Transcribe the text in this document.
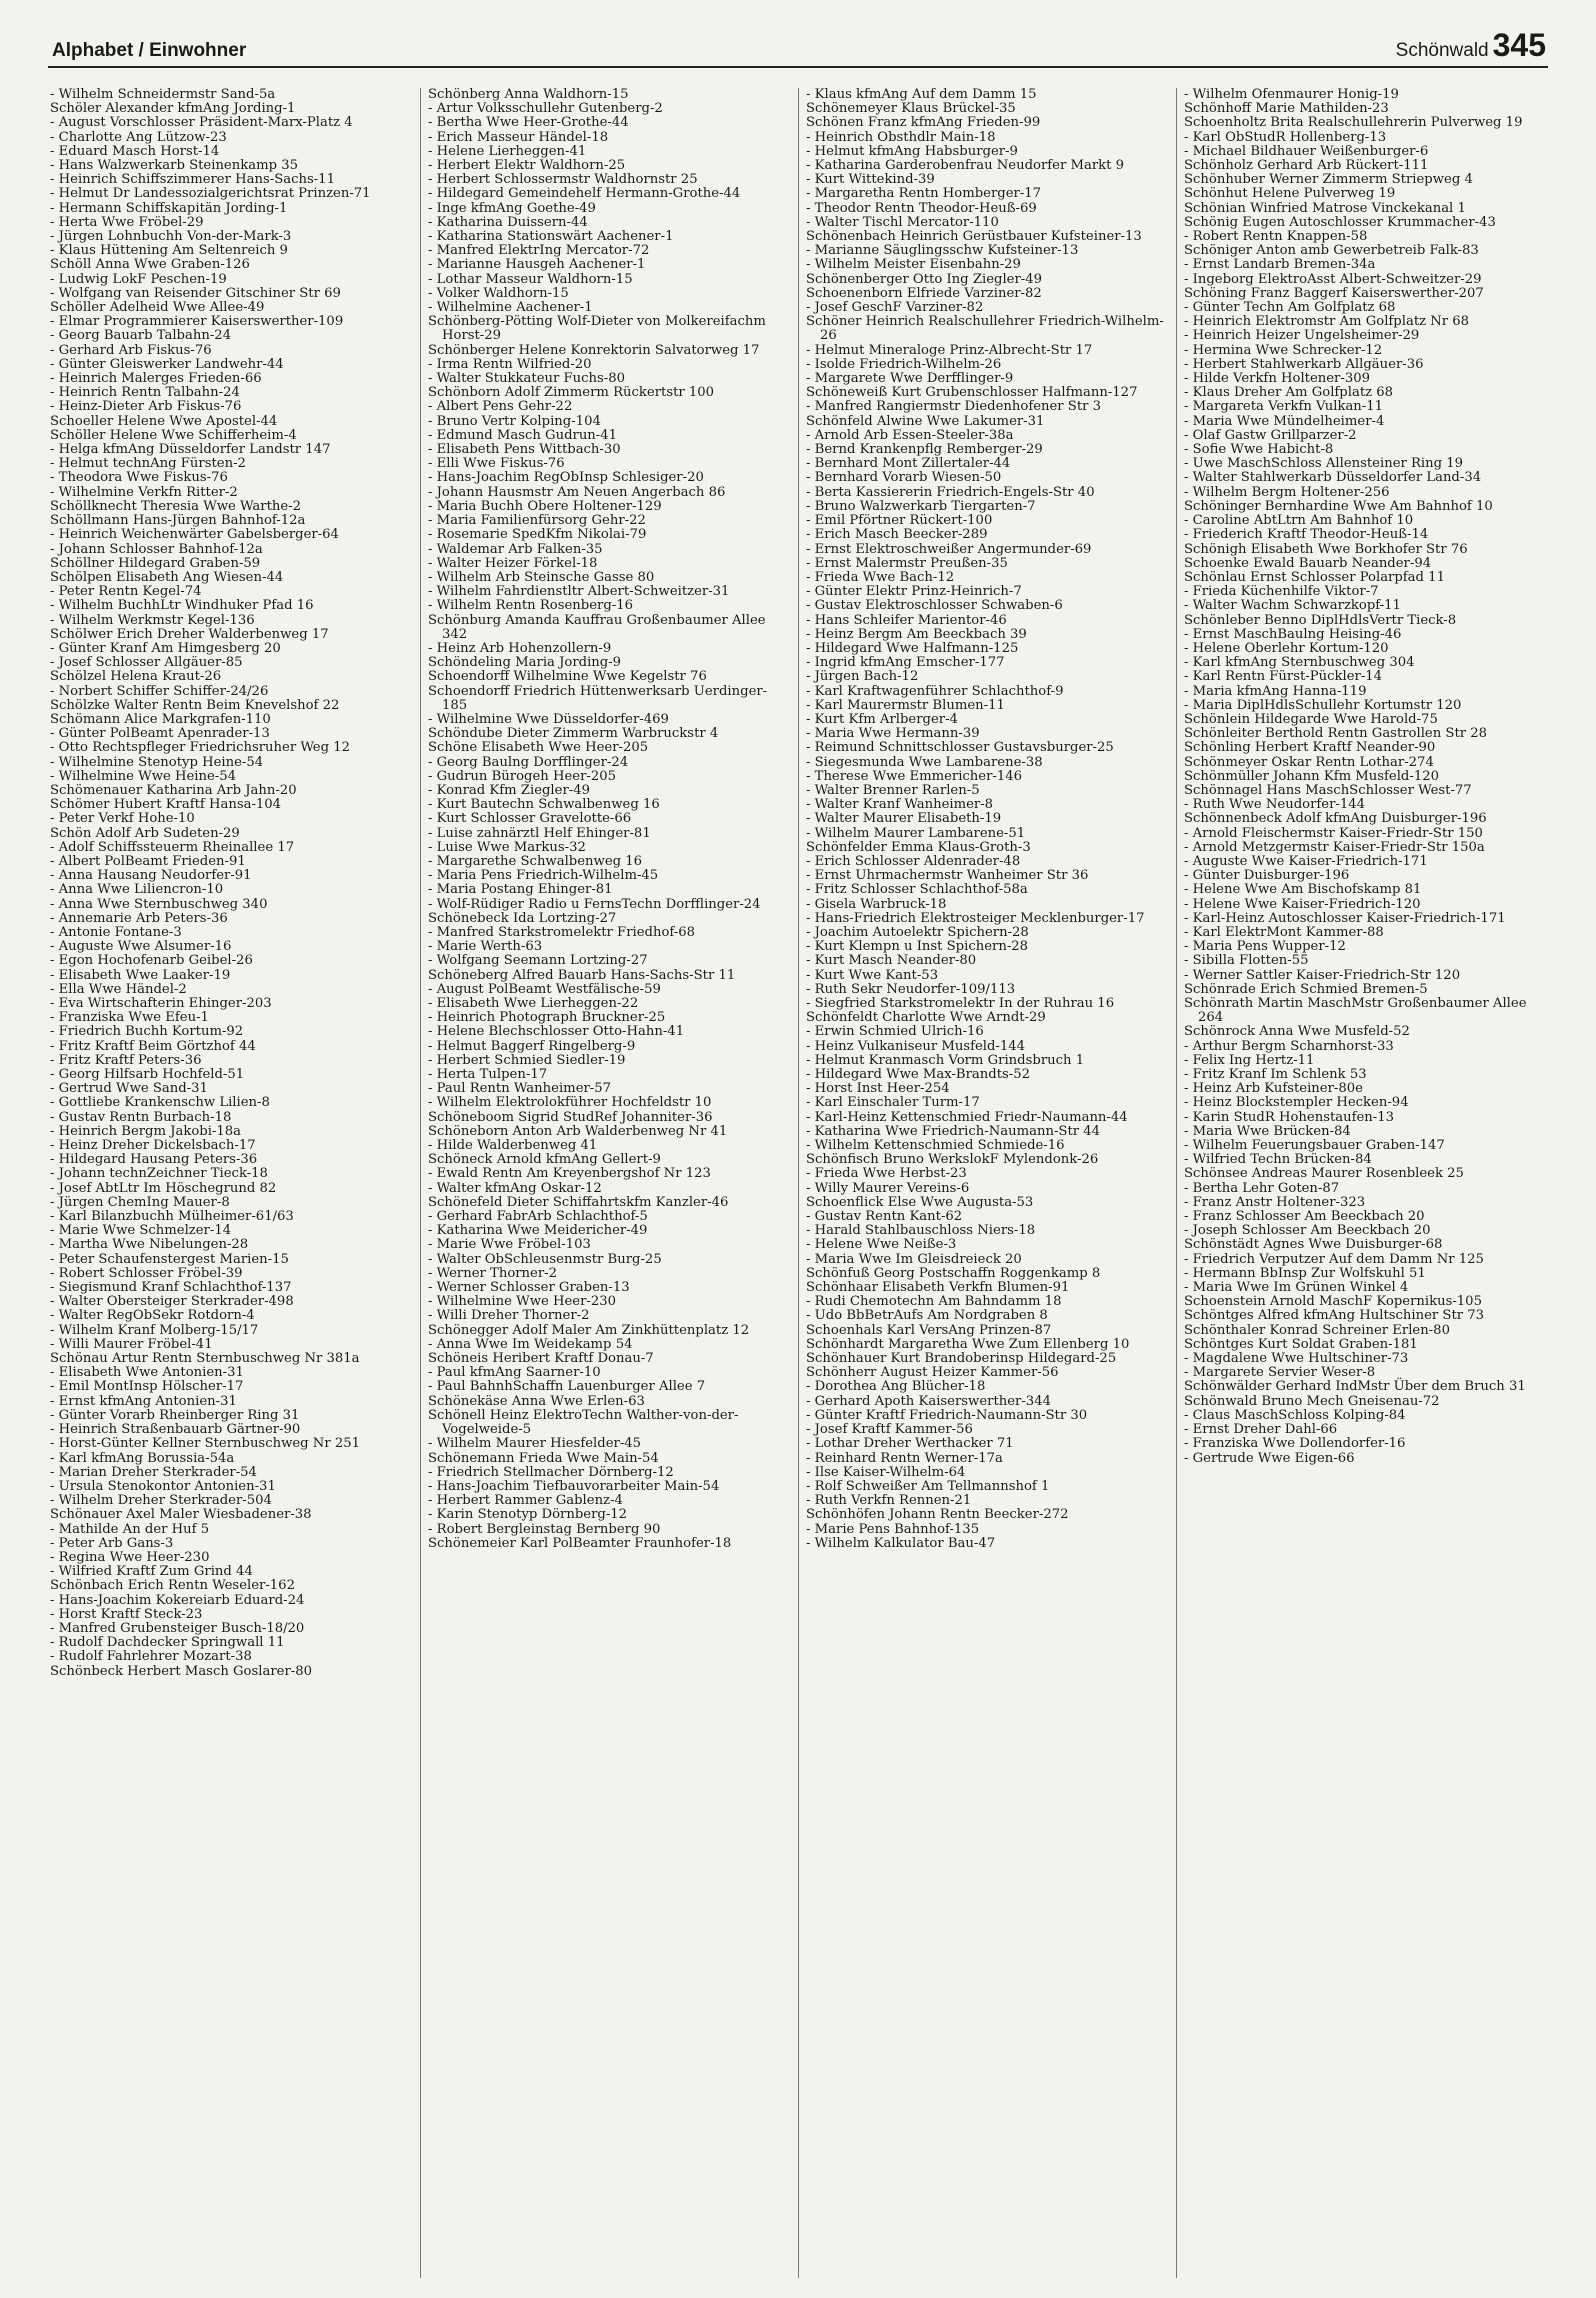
Alphabet / Einwohner	Schönwald 345

- Wilhelm Schneidermstr Sand-5a

Schöler Alexander kfmAng Jording-1

- August Vorschlosser Präsident-Marx-Platz 4

- Charlotte Ang Lützow-23

- Eduard Masch Horst-14

- Hans Walzwerkarb Steinenkamp 35

- Heinrich Schiffszimmerer Hans-Sachs-11

- Helmut Dr Landessozialgerichtsrat Prinzen-71

- Hermann Schiffskapitän Jording-1

- Herta Wwe Fröbel-29

- Jürgen Lohnbuchh Von-der-Mark-3

- Klaus Hüttening Am Seltenreich 9

Schöll Anna Wwe Graben-126

- Ludwig LokF Peschen-19

- Wolfgang van Reisender Gitschiner Str 69

Schöller Adelheid Wwe Allee-49

- Elmar Programmierer Kaiserswerther-109

- Georg Bauarb Talbahn-24

- Gerhard Arb Fiskus-76

- Günter Gleiswerker Landwehr-44

- Heinrich Malerges Frieden-66

- Heinrich Rentn Talbahn-24

- Heinz-Dieter Arb Fiskus-76

Schoeller Helene Wwe Apostel-44

Schöller Helene Wwe Schifferheim-4

- Helga kfmAng Düsseldorfer Landstr 147

- Helmut technAng Fürsten-2

- Theodora Wwe Fiskus-76

- Wilhelmine Verkfn Ritter-2

Schöllknecht Theresia Wwe Warthe-2

Schöllmann Hans-Jürgen Bahnhof-12a

- Heinrich Weichenwärter Gabelsberger-64

- Johann Schlosser Bahnhof-12a

Schöllner Hildegard Graben-59

Schölpen Elisabeth Ang Wiesen-44

- Peter Rentn Kegel-74

- Wilhelm BuchhLtr Windhuker Pfad 16

- Wilhelm Werkmstr Kegel-136

Schölwer Erich Dreher Walderbenweg 17

- Günter Kranf Am Himgesberg 20

- Josef Schlosser Allgäuer-85

Schölzel Helena Kraut-26

- Norbert Schiffer Schiffer-24/26

Schölzke Walter Rentn Beim Knevelshof 22

Schömann Alice Markgrafen-110

- Günter PolBeamt Apenrader-13

- Otto Rechtspfleger Friedrichsruher Weg 12

- Wilhelmine Stenotyp Heine-54

- Wilhelmine Wwe Heine-54

Schömenauer Katharina Arb Jahn-20

Schömer Hubert Kraftf Hansa-104

- Peter Verkf Hohe-10

Schön Adolf Arb Sudeten-29

- Adolf Schiffssteuerm Rheinallee 17

- Albert PolBeamt Frieden-91

- Anna Hausang Neudorfer-91

- Anna Wwe Liliencron-10

- Anna Wwe Sternbuschweg 340

- Annemarie Arb Peters-36

- Antonie Fontane-3

- Auguste Wwe Alsumer-16

- Egon Hochofenarb Geibel-26

- Elisabeth Wwe Laaker-19

- Ella Wwe Händel-2

- Eva Wirtschafterin Ehinger-203

- Franziska Wwe Efeu-1

- Friedrich Buchh Kortum-92

- Fritz Kraftf Beim Görtzhof 44

- Fritz Kraftf Peters-36

- Georg Hilfsarb Hochfeld-51

- Gertrud Wwe Sand-31

- Gottliebe Krankenschw Lilien-8

- Gustav Rentn Burbach-18

- Heinrich Bergm Jakobi-18a

- Heinz Dreher Dickelsbach-17

- Hildegard Hausang Peters-36

- Johann technZeichner Tieck-18

- Josef AbtLtr Im Höschegrund 82

- Jürgen ChemIng Mauer-8

- Karl Bilanzbuchh Mülheimer-61/63

- Marie Wwe Schmelzer-14

- Martha Wwe Nibelungen-28

- Peter Schaufenstergest Marien-15

- Robert Schlosser Fröbel-39

- Siegismund Kranf Schlachthof-137

- Walter Obersteiger Sterkrader-498

- Walter RegObSekr Rotdorn-4

- Wilhelm Kranf Molberg-15/17

- Willi Maurer Fröbel-41

Schönau Artur Rentn Sternbuschweg Nr 381a

- Elisabeth Wwe Antonien-31

- Emil MontInsp Hölscher-17

- Ernst kfmAng Antonien-31

- Günter Vorarb Rheinberger Ring 31

- Heinrich Straßenbauarb Gärtner-90

- Horst-Günter Kellner Sternbuschweg Nr 251

- Karl kfmAng Borussia-54a

- Marian Dreher Sterkrader-54

- Ursula Stenokontor Antonien-31

- Wilhelm Dreher Sterkrader-504

Schönauer Axel Maler Wiesbadener-38

- Mathilde An der Huf 5

- Peter Arb Gans-3

- Regina Wwe Heer-230

- Wilfried Kraftf Zum Grind 44

Schönbach Erich Rentn Weseler-162

- Hans-Joachim Kokereiarb Eduard-24

- Horst Kraftf Steck-23

- Manfred Grubensteiger Busch-18/20

- Rudolf Dachdecker Springwall 11

- Rudolf Fahrlehrer Mozart-38

Schönbeck Herbert Masch Goslarer-80

Schönberg Anna Waldhorn-15

- Artur Volksschullehr Gutenberg-2

- Bertha Wwe Heer-Grothe-44

- Erich Masseur Händel-18

- Helene Lierheggen-41

- Herbert Elektr Waldhorn-25

- Herbert Schlossermstr Waldhornstr 25

- Hildegard Gemeindehelf Hermann-Grothe-44

- Inge kfmAng Goethe-49

- Katharina Duissern-44

- Katharina Stationswärt Aachener-1

- Manfred ElektrIng Mercator-72

- Marianne Hausgeh Aachener-1

- Lothar Masseur Waldhorn-15

- Volker Waldhorn-15

- Wilhelmine Aachener-1

Schönberg-Pötting Wolf-Dieter von Molkereifachm Horst-29

Schönberger Helene Konrektorin Salvatorweg 17

- Irma Rentn Wilfried-20

- Walter Stukkateur Fuchs-80

Schönborn Adolf Zimmerm Rückertstr 100

- Albert Pens Gehr-22

- Bruno Vertr Kolping-104

- Edmund Masch Gudrun-41

- Elisabeth Pens Wittbach-30

- Elli Wwe Fiskus-76

- Hans-Joachim RegObInsp Schlesiger-20

- Johann Hausmstr Am Neuen Angerbach 86

- Maria Buchh Obere Holtener-129

- Maria Familienfürsorg Gehr-22

- Rosemarie SpedKfm Nikolai-79

- Waldemar Arb Falken-35

- Walter Heizer Förkel-18

- Wilhelm Arb Steinsche Gasse 80

- Wilhelm Fahrdienstltr Albert-Schweitzer-31

- Wilhelm Rentn Rosenberg-16

Schönburg Amanda Kauffrau Großenbaumer Allee 342

- Heinz Arb Hohenzollern-9

Schöndeling Maria Jording-9

Schoendorff Wilhelmine Wwe Kegelstr 76

Schoendorff Friedrich Hüttenwerksarb Uerdinger-185

- Wilhelmine Wwe Düsseldorfer-469

Schöndube Dieter Zimmerm Warbruckstr 4

Schöne Elisabeth Wwe Heer-205

- Georg Baulng Dorfflinger-24

- Gudrun Bürogeh Heer-205

- Konrad Kfm Ziegler-49

- Kurt Bautechn Schwalbenweg 16

- Kurt Schlosser Gravelotte-66

- Luise zahnärztl Helf Ehinger-81

- Luise Wwe Markus-32

- Margarethe Schwalbenweg 16

- Maria Pens Friedrich-Wilhelm-45

- Maria Postang Ehinger-81

- Wolf-Rüdiger Radio u FernsTechn Dorfflinger-24

Schönebeck Ida Lortzing-27

- Manfred Starkstromelektr Friedhof-68

- Marie Werth-63

- Wolfgang Seemann Lortzing-27

Schöneberg Alfred Bauarb Hans-Sachs-Str 11

- August PolBeamt Westfälische-59

- Elisabeth Wwe Lierheggen-22

- Heinrich Photograph Bruckner-25

- Helene Blechschlosser Otto-Hahn-41

- Helmut Baggerf Ringelberg-9

- Herbert Schmied Siedler-19

- Herta Tulpen-17

- Paul Rentn Wanheimer-57

- Wilhelm Elektrolokführer Hochfeldstr 10

Schöneboom Sigrid StudRef Johanniter-36

Schöneborn Anton Arb Walderbenweg Nr 41

- Hilde Walderbenweg 41

Schöneck Arnold kfmAng Gellert-9

- Ewald Rentn Am Kreyenbergshof Nr 123

- Walter kfmAng Oskar-12

Schönefeld Dieter Schiffahrtskfm Kanzler-46

- Gerhard FabrArb Schlachthof-5

- Katharina Wwe Meidericher-49

- Marie Wwe Fröbel-103

- Walter ObSchleusenmstr Burg-25

- Werner Thorner-2

- Werner Schlosser Graben-13

- Wilhelmine Wwe Heer-230

- Willi Dreher Thorner-2

Schönegger Adolf Maler Am Zinkhüttenplatz 12

- Anna Wwe Im Weidekamp 54

Schöneis Heribert Kraftf Donau-7

- Paul kfmAng Saarner-10

- Paul BahnhSchaffn Lauenburger Allee 7

Schönekäse Anna Wwe Erlen-63

Schönell Heinz ElektroTechn Walther-von-der-Vogelweide-5

- Wilhelm Maurer Hiesfelder-45

Schönemann Frieda Wwe Main-54

- Friedrich Stellmacher Dörnberg-12

- Hans-Joachim Tiefbauvorarbeiter Main-54

- Herbert Rammer Gablenz-4

- Karin Stenotyp Dörnberg-12

- Robert Bergleinstag Bernberg 90

Schönemeier Karl PolBeamter Fraunhofer-18

- Klaus kfmAng Auf dem Damm 15

Schönemeyer Klaus Brückel-35

Schönen Franz kfmAng Frieden-99

- Heinrich Obsthdlr Main-18

- Helmut kfmAng Habsburger-9

- Katharina Garderobenfrau Neudorfer Markt 9

- Kurt Wittekind-39

- Margaretha Rentn Homberger-17

- Theodor Rentn Theodor-Heuß-69

- Walter Tischl Mercator-110

Schönenbach Heinrich Gerüstbauer Kufsteiner-13

- Marianne Säuglingsschw Kufsteiner-13

- Wilhelm Meister Eisenbahn-29

Schönenberger Otto Ing Ziegler-49

Schoenenborn Elfriede Varziner-82

- Josef GeschF Varziner-82

Schöner Heinrich Realschullehrer Friedrich-Wilhelm-26

- Helmut Mineraloge Prinz-Albrecht-Str 17

- Isolde Friedrich-Wilhelm-26

- Margarete Wwe Derfflinger-9

Schöneweiß Kurt Grubenschlosser Halfmann-127

- Manfred Rangiermstr Diedenhofener Str 3

Schönfeld Alwine Wwe Lakumer-31

- Arnold Arb Essen-Steeler-38a

- Bernd Krankenpflg Remberger-29

- Bernhard Mont Zillertaler-44

- Bernhard Vorarb Wiesen-50

- Berta Kassiererin Friedrich-Engels-Str 40

- Bruno Walzwerkarb Tiergarten-7

- Emil Pförtner Rückert-100

- Erich Masch Beecker-289

- Ernst Elektroschweißer Angermunder-69

- Ernst Malermstr Preußen-35

- Frieda Wwe Bach-12

- Günter Elektr Prinz-Heinrich-7

- Gustav Elektroschlosser Schwaben-6

- Hans Schleifer Marientor-46

- Heinz Bergm Am Beeckbach 39

- Hildegard Wwe Halfmann-125

- Ingrid kfmAng Emscher-177

- Jürgen Bach-12

- Karl Kraftwagenführer Schlachthof-9

- Karl Maurermstr Blumen-11

- Kurt Kfm Arlberger-4

- Maria Wwe Hermann-39

- Reimund Schnittschlosser Gustavsburger-25

- Siegesmunda Wwe Lambarene-38

- Therese Wwe Emmericher-146

- Walter Brenner Rarlen-5

- Walter Kranf Wanheimer-8

- Walter Maurer Elisabeth-19

- Wilhelm Maurer Lambarene-51

Schönfelder Emma Klaus-Groth-3

- Erich Schlosser Aldenrader-48

- Ernst Uhrmachermstr Wanheimer Str 36

- Fritz Schlosser Schlachthof-58a

- Gisela Warbruck-18

- Hans-Friedrich Elektrosteiger Mecklenburger-17

- Joachim Autoelektr Spichern-28

- Kurt Klempn u Inst Spichern-28

- Kurt Masch Neander-80

- Kurt Wwe Kant-53

- Ruth Sekr Neudorfer-109/113

- Siegfried Starkstromelektr In der Ruhrau 16

Schönfeldt Charlotte Wwe Arndt-29

- Erwin Schmied Ulrich-16

- Heinz Vulkaniseur Musfeld-144

- Helmut Kranmasch Vorm Grindsbruch 1

- Hildegard Wwe Max-Brandts-52

- Horst Inst Heer-254

- Karl Einschaler Turm-17

- Karl-Heinz Kettenschmied Friedr-Naumann-44

- Katharina Wwe Friedrich-Naumann-Str 44

- Wilhelm Kettenschmied Schmiede-16

Schönfisch Bruno WerkslokF Mylendonk-26

- Frieda Wwe Herbst-23

- Willy Maurer Vereins-6

Schoenflick Else Wwe Augusta-53

- Gustav Rentn Kant-62

- Harald Stahlbauschloss Niers-18

- Helene Wwe Neiße-3

- Maria Wwe Im Gleisdreieck 20

Schönfuß Georg Postschaffn Roggenkamp 8

Schönhaar Elisabeth Verkfn Blumen-91

- Rudi Chemotechn Am Bahndamm 18

- Udo BbBetrAufs Am Nordgraben 8

Schoenhals Karl VersAng Prinzen-87

Schönhardt Margaretha Wwe Zum Ellenberg 10

Schönhauer Kurt Brandoberinsp Hildegard-25

Schönherr August Heizer Kammer-56

- Dorothea Ang Blücher-18

- Gerhard Apoth Kaiserswerther-344

- Günter Kraftf Friedrich-Naumann-Str 30

- Josef Kraftf Kammer-56

- Lothar Dreher Werthacker 71

- Reinhard Rentn Werner-17a

- Ilse Kaiser-Wilhelm-64

- Rolf Schweißer Am Tellmannshof 1

- Ruth Verkfn Rennen-21

Schönhöfen Johann Rentn Beecker-272

- Marie Pens Bahnhof-135

- Wilhelm Kalkulator Bau-47

- Wilhelm Ofenmaurer Honig-19

Schönhoff Marie Mathilden-23

Schoenholtz Brita Realschullehrerin Pulverweg 19

- Karl ObStudR Hollenberg-13

- Michael Bildhauer Weißenburger-6

Schönholz Gerhard Arb Rückert-111

Schönhuber Werner Zimmerm Striepweg 4

Schönhut Helene Pulverweg 19

Schönian Winfried Matrose Vinckekanal 1

Schönig Eugen Autoschlosser Krummacher-43

- Robert Rentn Knappen-58

Schöniger Anton amb Gewerbetreib Falk-83

- Ernst Landarb Bremen-34a

- Ingeborg ElektroAsst Albert-Schweitzer-29

Schöning Franz Baggerf Kaiserswerther-207

- Günter Techn Am Golfplatz 68

- Heinrich Elektromstr Am Golfplatz Nr 68

- Heinrich Heizer Ungelsheimer-29

- Hermina Wwe Schrecker-12

- Herbert Stahlwerkarb Allgäuer-36

- Hilde Verkfn Holtener-309

- Klaus Dreher Am Golfplatz 68

- Margareta Verkfn Vulkan-11

- Maria Wwe Mündelheimer-4

- Olaf Gastw Grillparzer-2

- Sofie Wwe Habicht-8

- Uwe MaschSchloss Allensteiner Ring 19

- Walter Stahlwerkarb Düsseldorfer Land-34

- Wilhelm Bergm Holtener-256

Schöninger Bernhardine Wwe Am Bahnhof 10

- Caroline AbtLtrn Am Bahnhof 10

- Friederich Kraftf Theodor-Heuß-14

Schönigh Elisabeth Wwe Borkhofer Str 76

Schoenke Ewald Bauarb Neander-94

Schönlau Ernst Schlosser Polarpfad 11

- Frieda Küchenhilfe Viktor-7

- Walter Wachm Schwarzkopf-11

Schönleber Benno DiplHdlsVertr Tieck-8

- Ernst MaschBaulng Heising-46

- Helene Oberlehr Kortum-120

- Karl kfmAng Sternbuschweg 304

- Karl Rentn Fürst-Pückler-14

- Maria kfmAng Hanna-119

- Maria DiplHdlsSchullehr Kortumstr 120

Schönlein Hildegarde Wwe Harold-75

Schönleiter Berthold Rentn Gastrollen Str 28

Schönling Herbert Kraftf Neander-90

Schönmeyer Oskar Rentn Lothar-274

Schönmüller Johann Kfm Musfeld-120

Schönnagel Hans MaschSchlosser West-77

- Ruth Wwe Neudorfer-144

Schönnenbeck Adolf kfmAng Duisburger-196

- Arnold Fleischermstr Kaiser-Friedr-Str 150

- Arnold Metzgermstr Kaiser-Friedr-Str 150a

- Auguste Wwe Kaiser-Friedrich-171

- Günter Duisburger-196

- Helene Wwe Am Bischofskamp 81

- Helene Wwe Kaiser-Friedrich-120

- Karl-Heinz Autoschlosser Kaiser-Friedrich-171

- Karl ElektrMont Kammer-88

- Maria Pens Wupper-12

- Sibilla Flotten-55

- Werner Sattler Kaiser-Friedrich-Str 120

Schönrade Erich Schmied Bremen-5

Schönrath Martin MaschMstr Großenbaumer Allee 264

Schönrock Anna Wwe Musfeld-52

- Arthur Bergm Scharnhorst-33

- Felix Ing Hertz-11

- Fritz Kranf Im Schlenk 53

- Heinz Arb Kufsteiner-80e

- Heinz Blockstempler Hecken-94

- Karin StudR Hohenstaufen-13

- Maria Wwe Brücken-84

- Wilhelm Feuerungsbauer Graben-147

- Wilfried Techn Brücken-84

Schönsee Andreas Maurer Rosenbleek 25

- Bertha Lehr Goten-87

- Franz Anstr Holtener-323

- Franz Schlosser Am Beeckbach 20

- Joseph Schlosser Am Beeckbach 20

Schönstädt Agnes Wwe Duisburger-68

- Friedrich Verputzer Auf dem Damm Nr 125

- Hermann BbInsp Zur Wolfskuhl 51

- Maria Wwe Im Grünen Winkel 4

Schoenstein Arnold MaschF Kopernikus-105

Schöntges Alfred kfmAng Hultschiner Str 73

Schönthaler Konrad Schreiner Erlen-80

Schöntges Kurt Soldat Graben-181

- Magdalene Wwe Hultschiner-73

- Margarete Servier Weser-8

Schönwälder Gerhard IndMstr Über dem Bruch 31

Schönwald Bruno Mech Gneisenau-72

- Claus MaschSchloss Kolping-84

- Ernst Dreher Dahl-66

- Franziska Wwe Dollendorfer-16

- Gertrude Wwe Eigen-66
